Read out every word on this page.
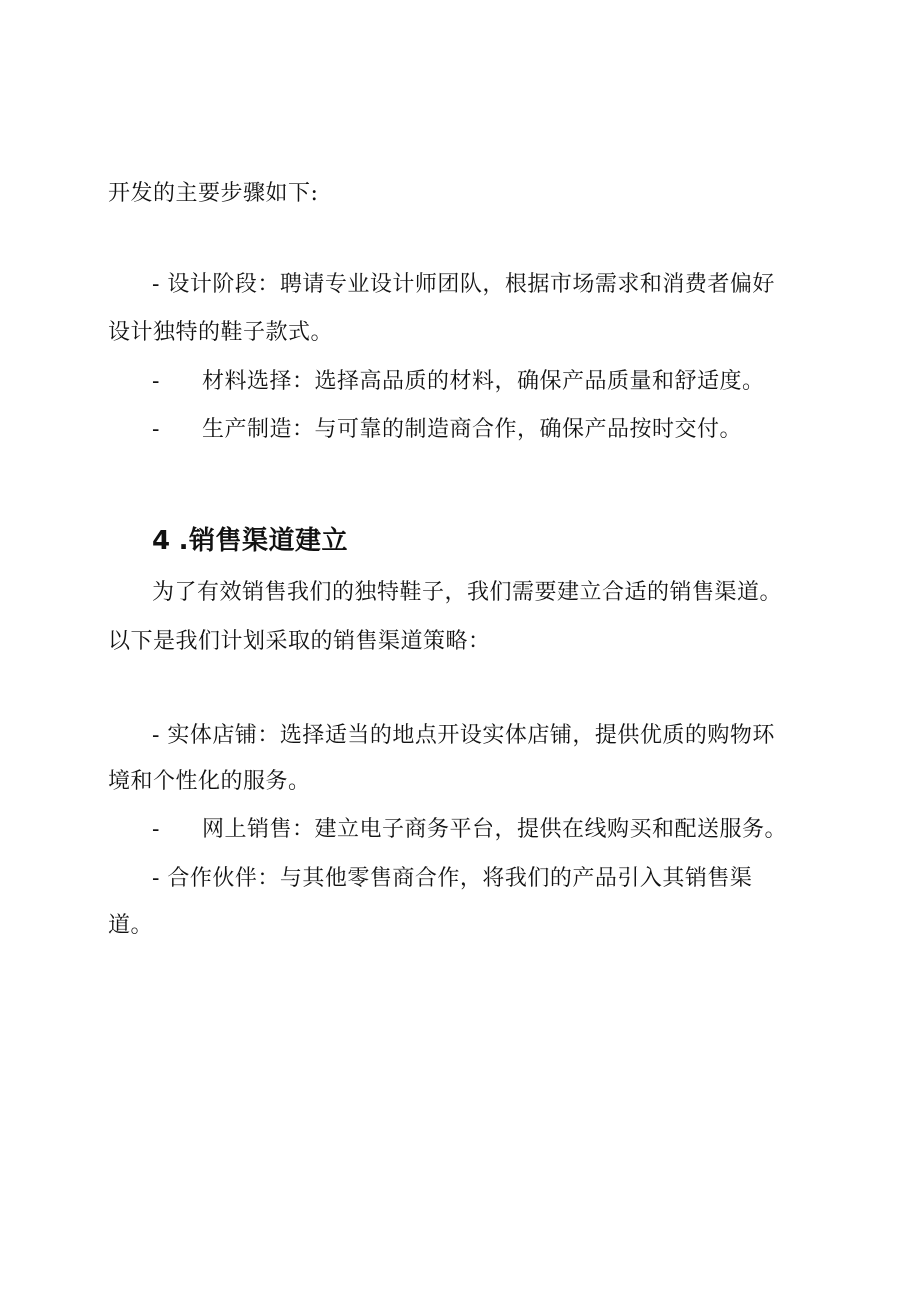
开发的主要步骤如下:
- 设计阶段：聘请专业设计师团队，根据市场需求和消费者偏好
设计独特的鞋子款式。
- 材料选择：选择高品质的材料，确保产品质量和舒适度。
- 生产制造：与可靠的制造商合作，确保产品按时交付。
4 .销售渠道建立
为了有效销售我们的独特鞋子，我们需要建立合适的销售渠道。
以下是我们计划采取的销售渠道策略：
- 实体店铺：选择适当的地点开设实体店铺，提供优质的购物环
境和个性化的服务。
- 网上销售：建立电子商务平台，提供在线购买和配送服务。
- 合作伙伴：与其他零售商合作，将我们的产品引入其销售渠
道。
